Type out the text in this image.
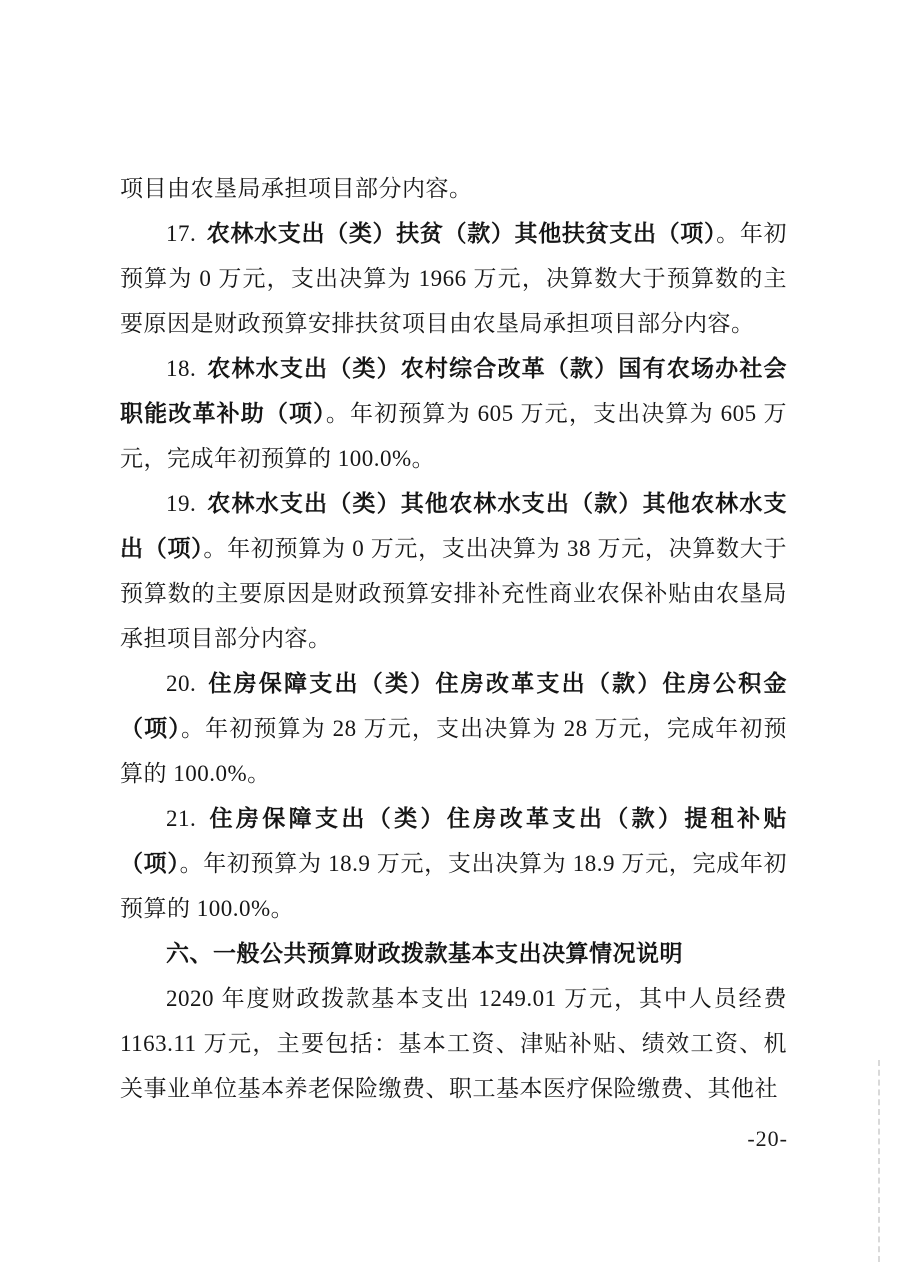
项目由农垦局承担项目部分内容。

17. 农林水支出（类）扶贫（款）其他扶贫支出（项）。年初预算为 0 万元，支出决算为 1966 万元，决算数大于预算数的主要原因是财政预算安排扶贫项目由农垦局承担项目部分内容。

18. 农林水支出（类）农村综合改革（款）国有农场办社会职能改革补助（项）。年初预算为 605 万元，支出决算为 605 万元，完成年初预算的 100.0%。

19. 农林水支出（类）其他农林水支出（款）其他农林水支出（项）。年初预算为 0 万元，支出决算为 38 万元，决算数大于预算数的主要原因是财政预算安排补充性商业农保补贴由农垦局承担项目部分内容。

20. 住房保障支出（类）住房改革支出（款）住房公积金（项）。年初预算为 28 万元，支出决算为 28 万元，完成年初预算的 100.0%。

21. 住房保障支出（类）住房改革支出（款）提租补贴（项）。年初预算为 18.9 万元，支出决算为 18.9 万元，完成年初预算的 100.0%。

六、一般公共预算财政拨款基本支出决算情况说明

2020 年度财政拨款基本支出 1249.01 万元，其中人员经费 1163.11 万元，主要包括：基本工资、津贴补贴、绩效工资、机关事业单位基本养老保险缴费、职工基本医疗保险缴费、其他社

-20-
